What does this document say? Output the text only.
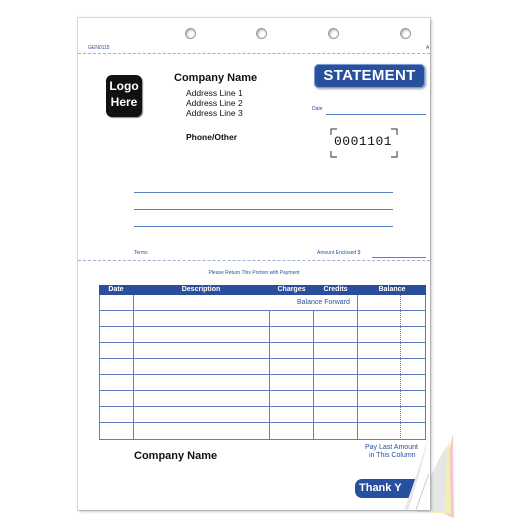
GEN0115	A
Logo
Here
Company Name
Address Line 1
Address Line 2
Address Line 3
Phone/Other
STATEMENT
Date
0001101
Terms	Amount Enclosed $
Please Return This Portion with Payment
Date	Description	Charges	Credits	Balance
Balance Forward
Company Name
Pay Last Amount
in This Column
Thank Y
